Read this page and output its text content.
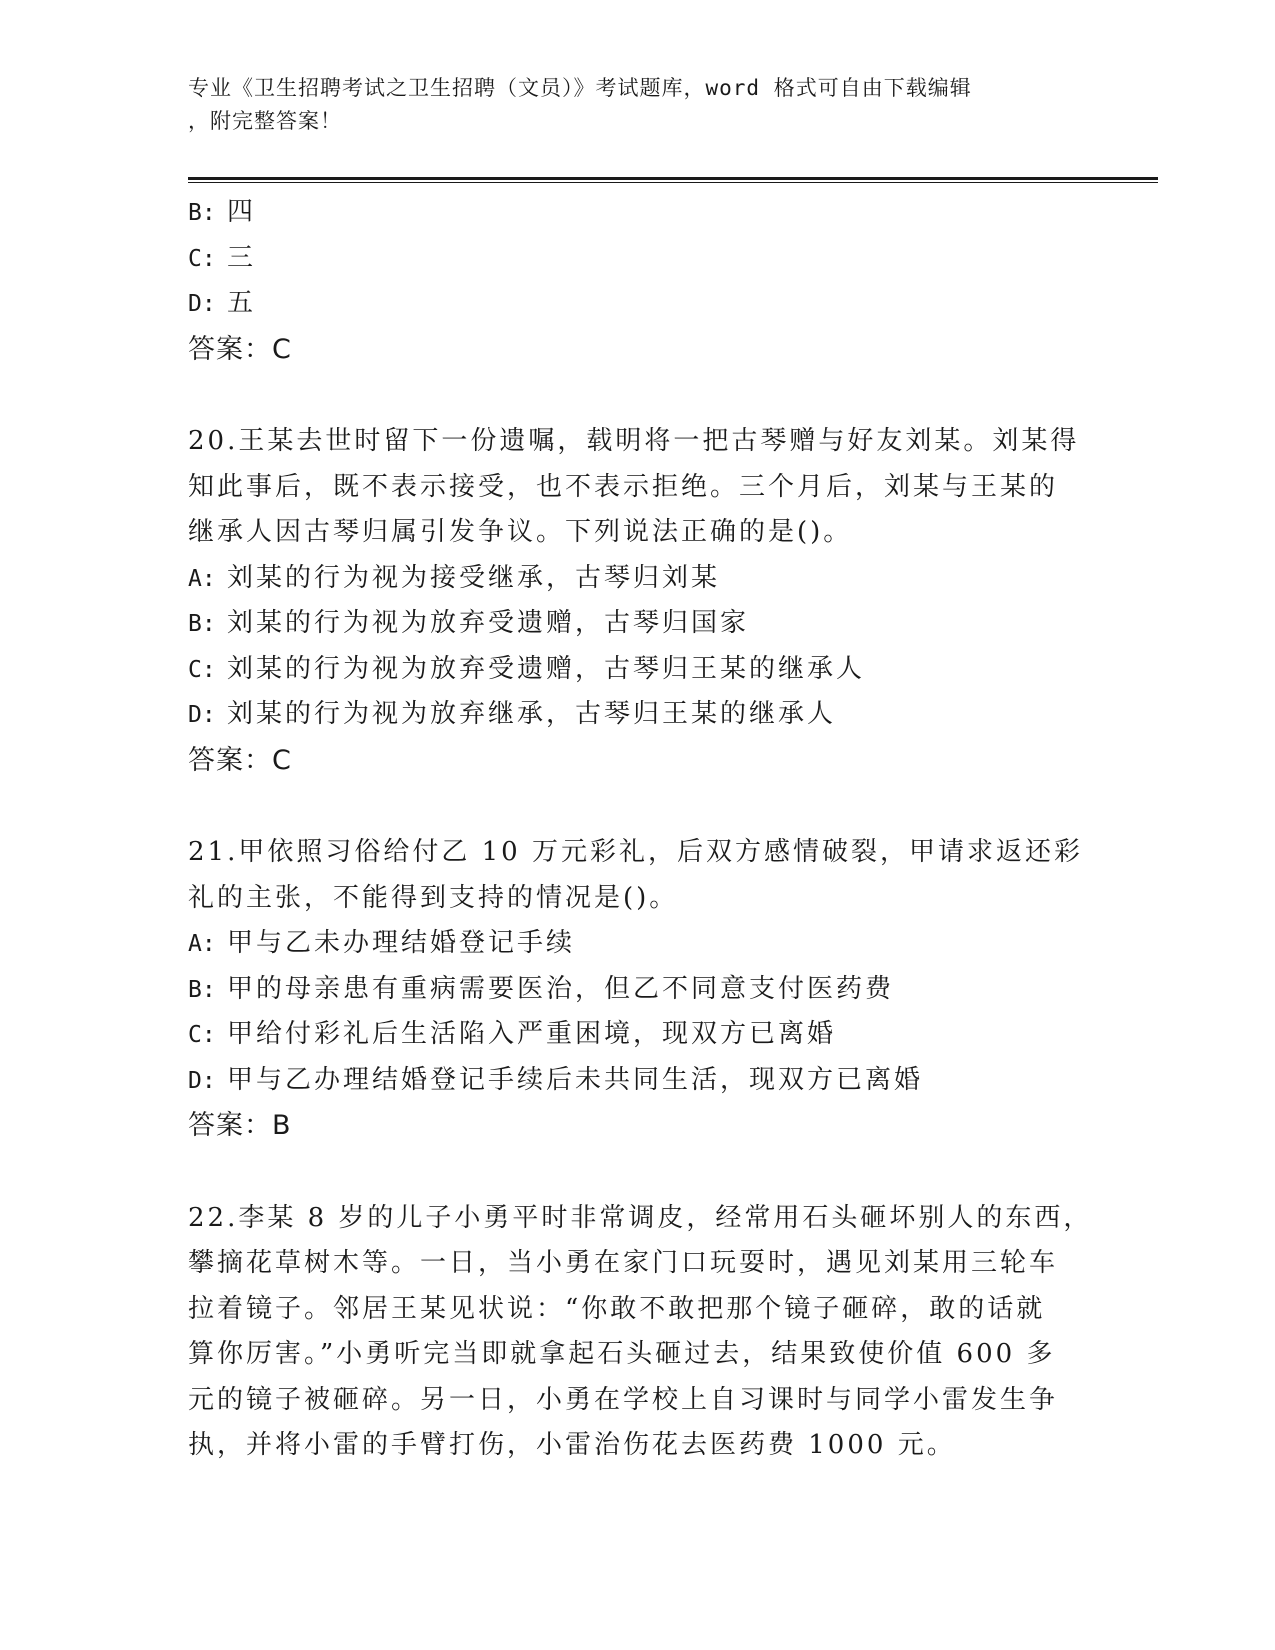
专业《卫生招聘考试之卫生招聘（文员）》考试题库，word 格式可自由下载编辑
，附完整答案！
B: 四
C: 三
D: 五
答案：C
20.王某去世时留下一份遗嘱，载明将一把古琴赠与好友刘某。刘某得
知此事后，既不表示接受，也不表示拒绝。三个月后，刘某与王某的
继承人因古琴归属引发争议。下列说法正确的是()。
A: 刘某的行为视为接受继承，古琴归刘某
B: 刘某的行为视为放弃受遗赠，古琴归国家
C: 刘某的行为视为放弃受遗赠，古琴归王某的继承人
D: 刘某的行为视为放弃继承，古琴归王某的继承人
答案：C
21.甲依照习俗给付乙 10 万元彩礼，后双方感情破裂，甲请求返还彩
礼的主张，不能得到支持的情况是()。
A: 甲与乙未办理结婚登记手续
B: 甲的母亲患有重病需要医治，但乙不同意支付医药费
C: 甲给付彩礼后生活陷入严重困境，现双方已离婚
D: 甲与乙办理结婚登记手续后未共同生活，现双方已离婚
答案：B
22.李某 8 岁的儿子小勇平时非常调皮，经常用石头砸坏别人的东西，
攀摘花草树木等。一日，当小勇在家门口玩耍时，遇见刘某用三轮车
拉着镜子。邻居王某见状说：“你敢不敢把那个镜子砸碎，敢的话就
算你厉害。”小勇听完当即就拿起石头砸过去，结果致使价值 600 多
元的镜子被砸碎。另一日，小勇在学校上自习课时与同学小雷发生争
执，并将小雷的手臂打伤，小雷治伤花去医药费 1000 元。
